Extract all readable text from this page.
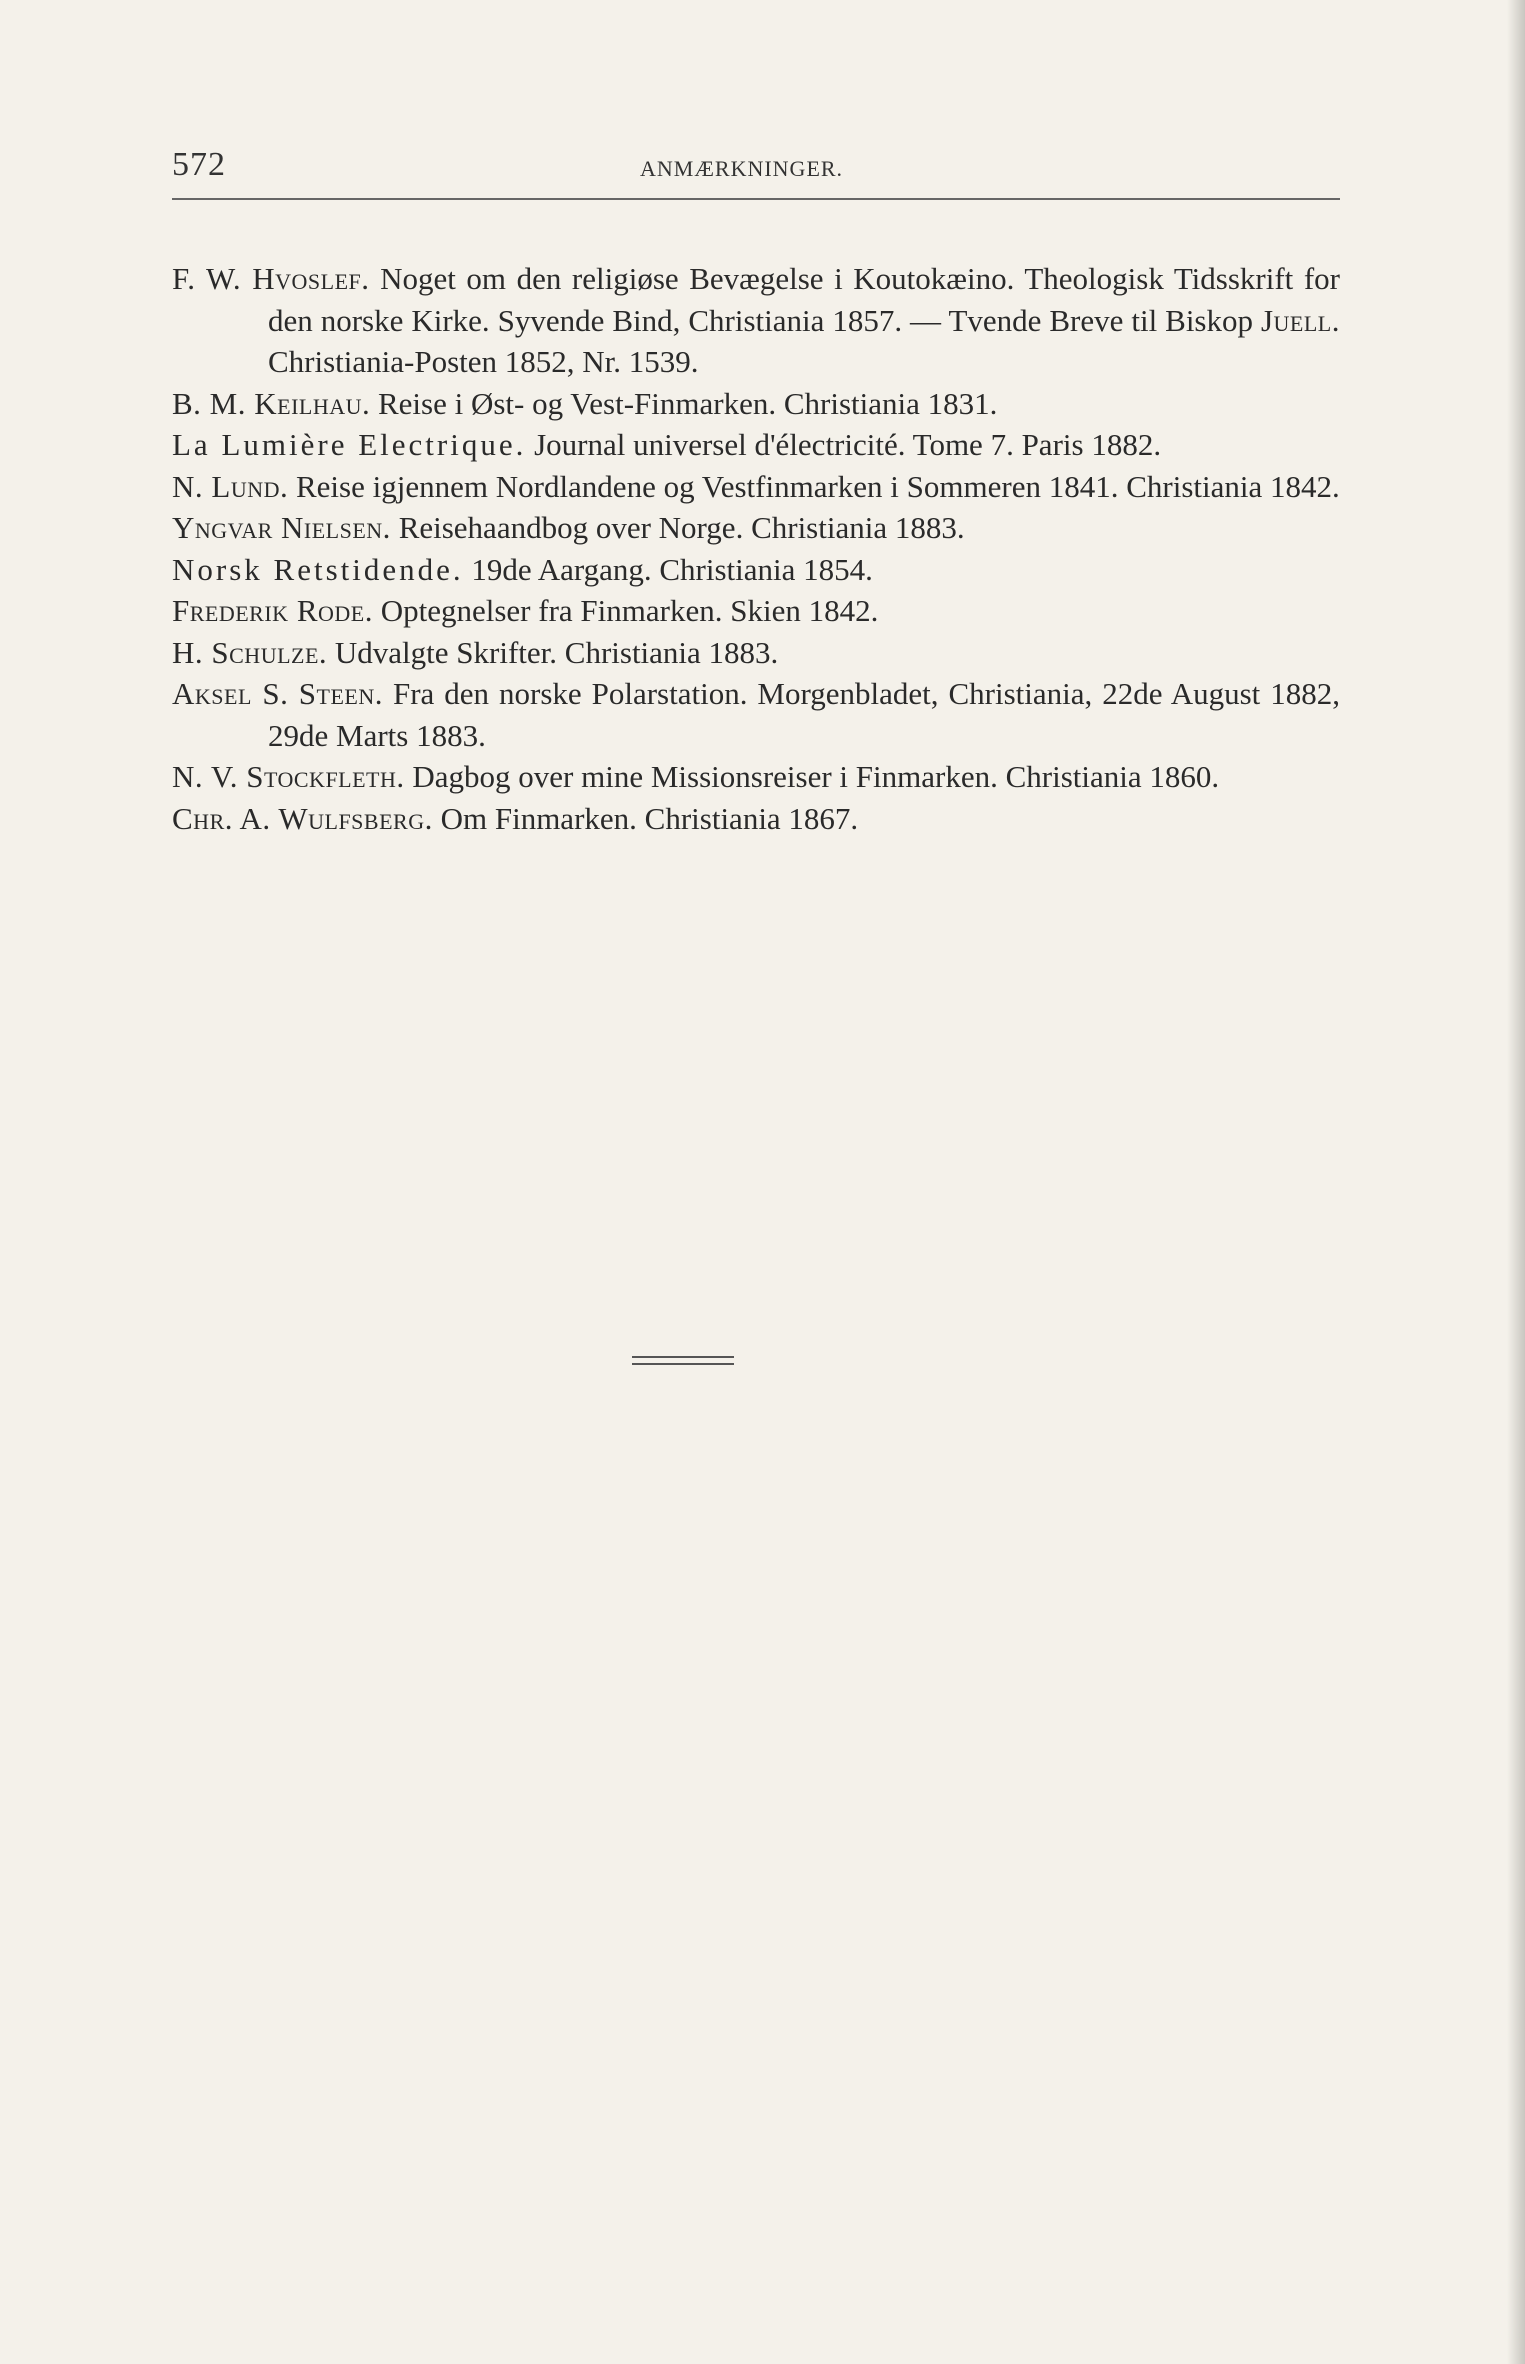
572	ANMÆRKNINGER.

F. W. Hvoslef. Noget om den religiøse Bevægelse i Koutokæino. Theologisk Tidsskrift for den norske Kirke. Syvende Bind, Christiania 1857. — Tvende Breve til Biskop Juell. Christiania-Posten 1852, Nr. 1539.

B. M. Keilhau. Reise i Øst- og Vest-Finmarken. Christiania 1831.

La Lumière Electrique. Journal universel d'électricité. Tome 7. Paris 1882.

N. Lund. Reise igjennem Nordlandene og Vestfinmarken i Sommeren 1841. Christiania 1842.

Yngvar Nielsen. Reisehaandbog over Norge. Christiania 1883.

Norsk Retstidende. 19de Aargang. Christiania 1854.

Frederik Rode. Optegnelser fra Finmarken. Skien 1842.

H. Schulze. Udvalgte Skrifter. Christiania 1883.

Aksel S. Steen. Fra den norske Polarstation. Morgenbladet, Christiania, 22de August 1882, 29de Marts 1883.

N. V. Stockfleth. Dagbog over mine Missionsreiser i Finmarken. Christiania 1860.

Chr. A. Wulfsberg. Om Finmarken. Christiania 1867.
